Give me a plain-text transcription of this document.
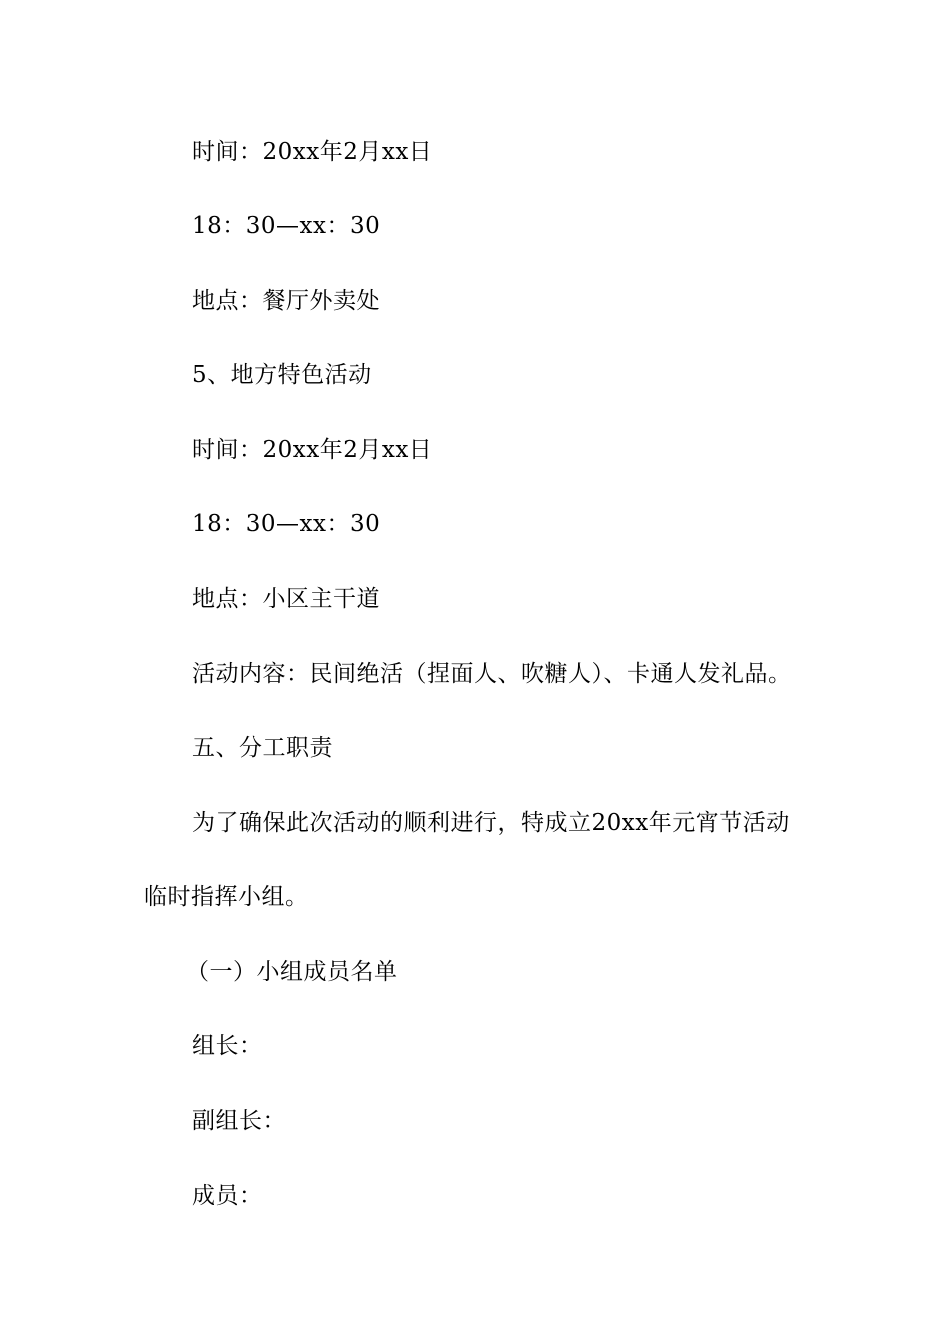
时间：20xx年2月xx日
18：30—xx：30
地点：餐厅外卖处
5、地方特色活动
时间：20xx年2月xx日
18：30—xx：30
地点：小区主干道
活动内容：民间绝活（捏面人、吹糖人）、卡通人发礼品。
五、分工职责
为了确保此次活动的顺利进行，特成立20xx年元宵节活动
临时指挥小组。
（一）小组成员名单
组长：
副组长：
成员：
